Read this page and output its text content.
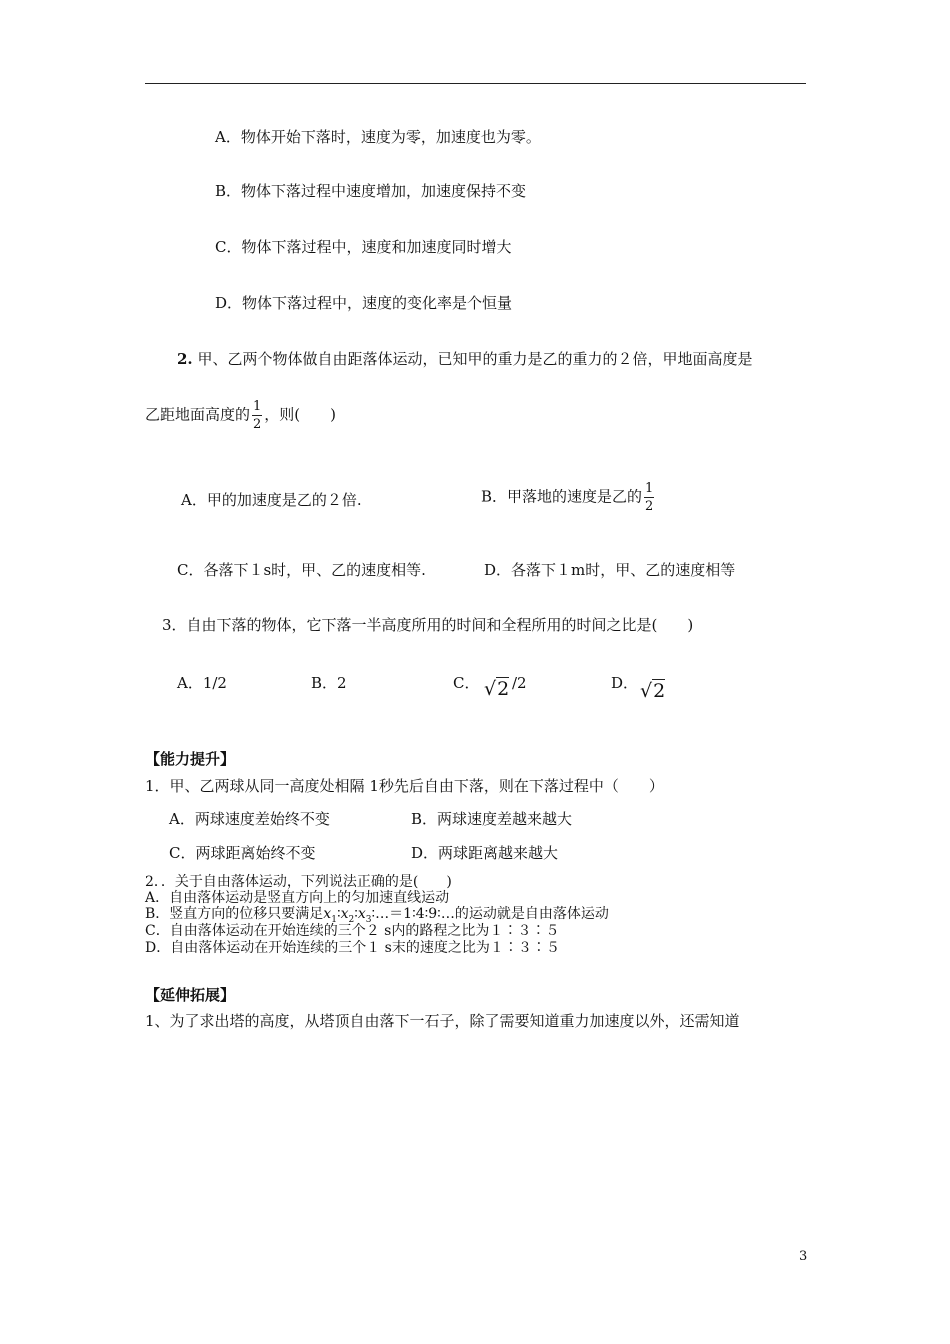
A．物体开始下落时，速度为零，加速度也为零。
B．物体下落过程中速度增加，加速度保持不变
C．物体下落过程中，速度和加速度同时增大
D．物体下落过程中，速度的变化率是个恒量
2. 甲、乙两个物体做自由距落体运动，已知甲的重力是乙的重力的２倍，甲地面高度是
乙距地面高度的 $\frac{1}{2}$ ，则(　　)
A．甲的加速度是乙的２倍.	B．甲落地的速度是乙的 $\frac{1}{2}$
C．各落下１s时，甲、乙的速度相等.	D．各落下１m时，甲、乙的速度相等
3．自由下落的物体，它下落一半高度所用的时间和全程所用的时间之比是(　　)
A．1/2	B．2	C． √2 /2	D． √2
【能力提升】
1．甲、乙两球从同一高度处相隔 1秒先后自由下落，则在下落过程中（　　）
A．两球速度差始终不变	B．两球速度差越来越大
C．两球距离始终不变	D．两球距离越来越大
2．．关于自由落体运动，下列说法正确的是(　　)
A．自由落体运动是竖直方向上的匀加速直线运动
B．竖直方向的位移只要满足$x_1∶x_2∶x_3∶\dots=1∶4∶9∶\dots$的运动就是自由落体运动
C．自由落体运动在开始连续的三个２ s内的路程之比为１∶３∶５
D．自由落体运动在开始连续的三个１ s末的速度之比为１∶３∶５
【延伸拓展】
1、为了求出塔的高度，从塔顶自由落下一石子，除了需要知道重力加速度以外，还需知道
3
